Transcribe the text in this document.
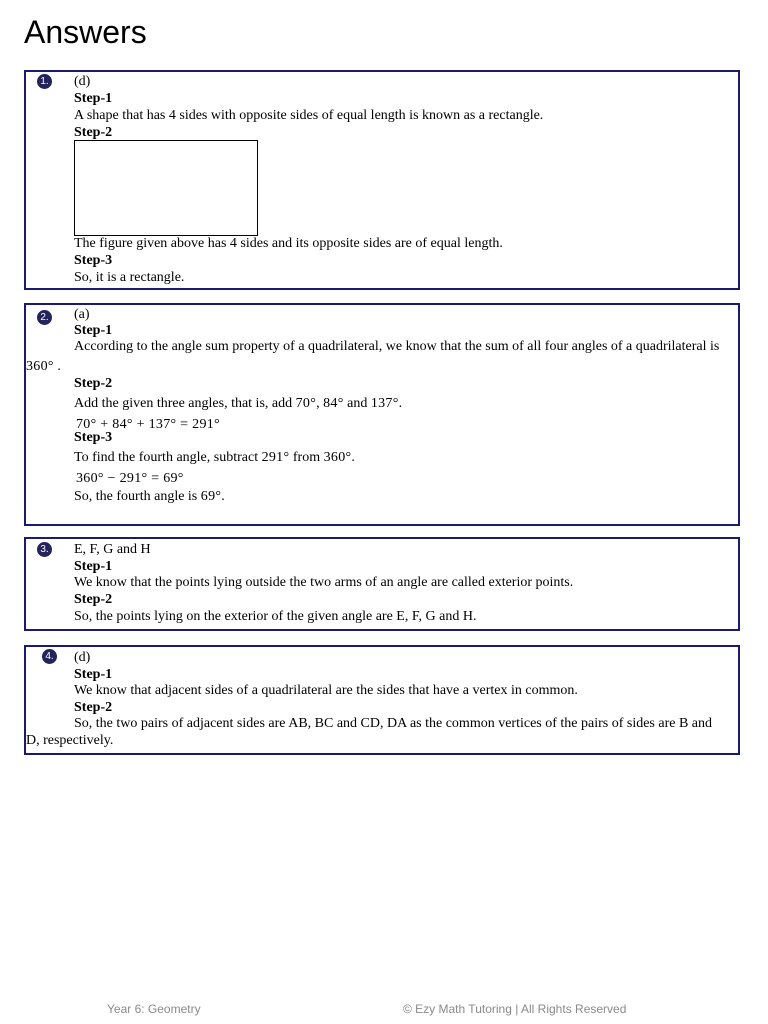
Answers
1. (d)
Step-1
A shape that has 4 sides with opposite sides of equal length is known as a rectangle.
Step-2
The figure given above has 4 sides and its opposite sides are of equal length.
Step-3
So, it is a rectangle.
2. (a)
Step-1
According to the angle sum property of a quadrilateral, we know that the sum of all four angles of a quadrilateral is 360° .
Step-2
Add the given three angles, that is, add 70°, 84° and 137°.
70° + 84° + 137° = 291°
Step-3
To find the fourth angle, subtract 291° from 360°.
360° − 291° = 69°
So, the fourth angle is 69°.
3. E, F, G and H
Step-1
We know that the points lying outside the two arms of an angle are called exterior points.
Step-2
So, the points lying on the exterior of the given angle are E, F, G and H.
4. (d)
Step-1
We know that adjacent sides of a quadrilateral are the sides that have a vertex in common.
Step-2
So, the two pairs of adjacent sides are AB, BC and CD, DA as the common vertices of the pairs of sides are B and D, respectively.
Year 6: Geometry	© Ezy Math Tutoring | All Rights Reserved
